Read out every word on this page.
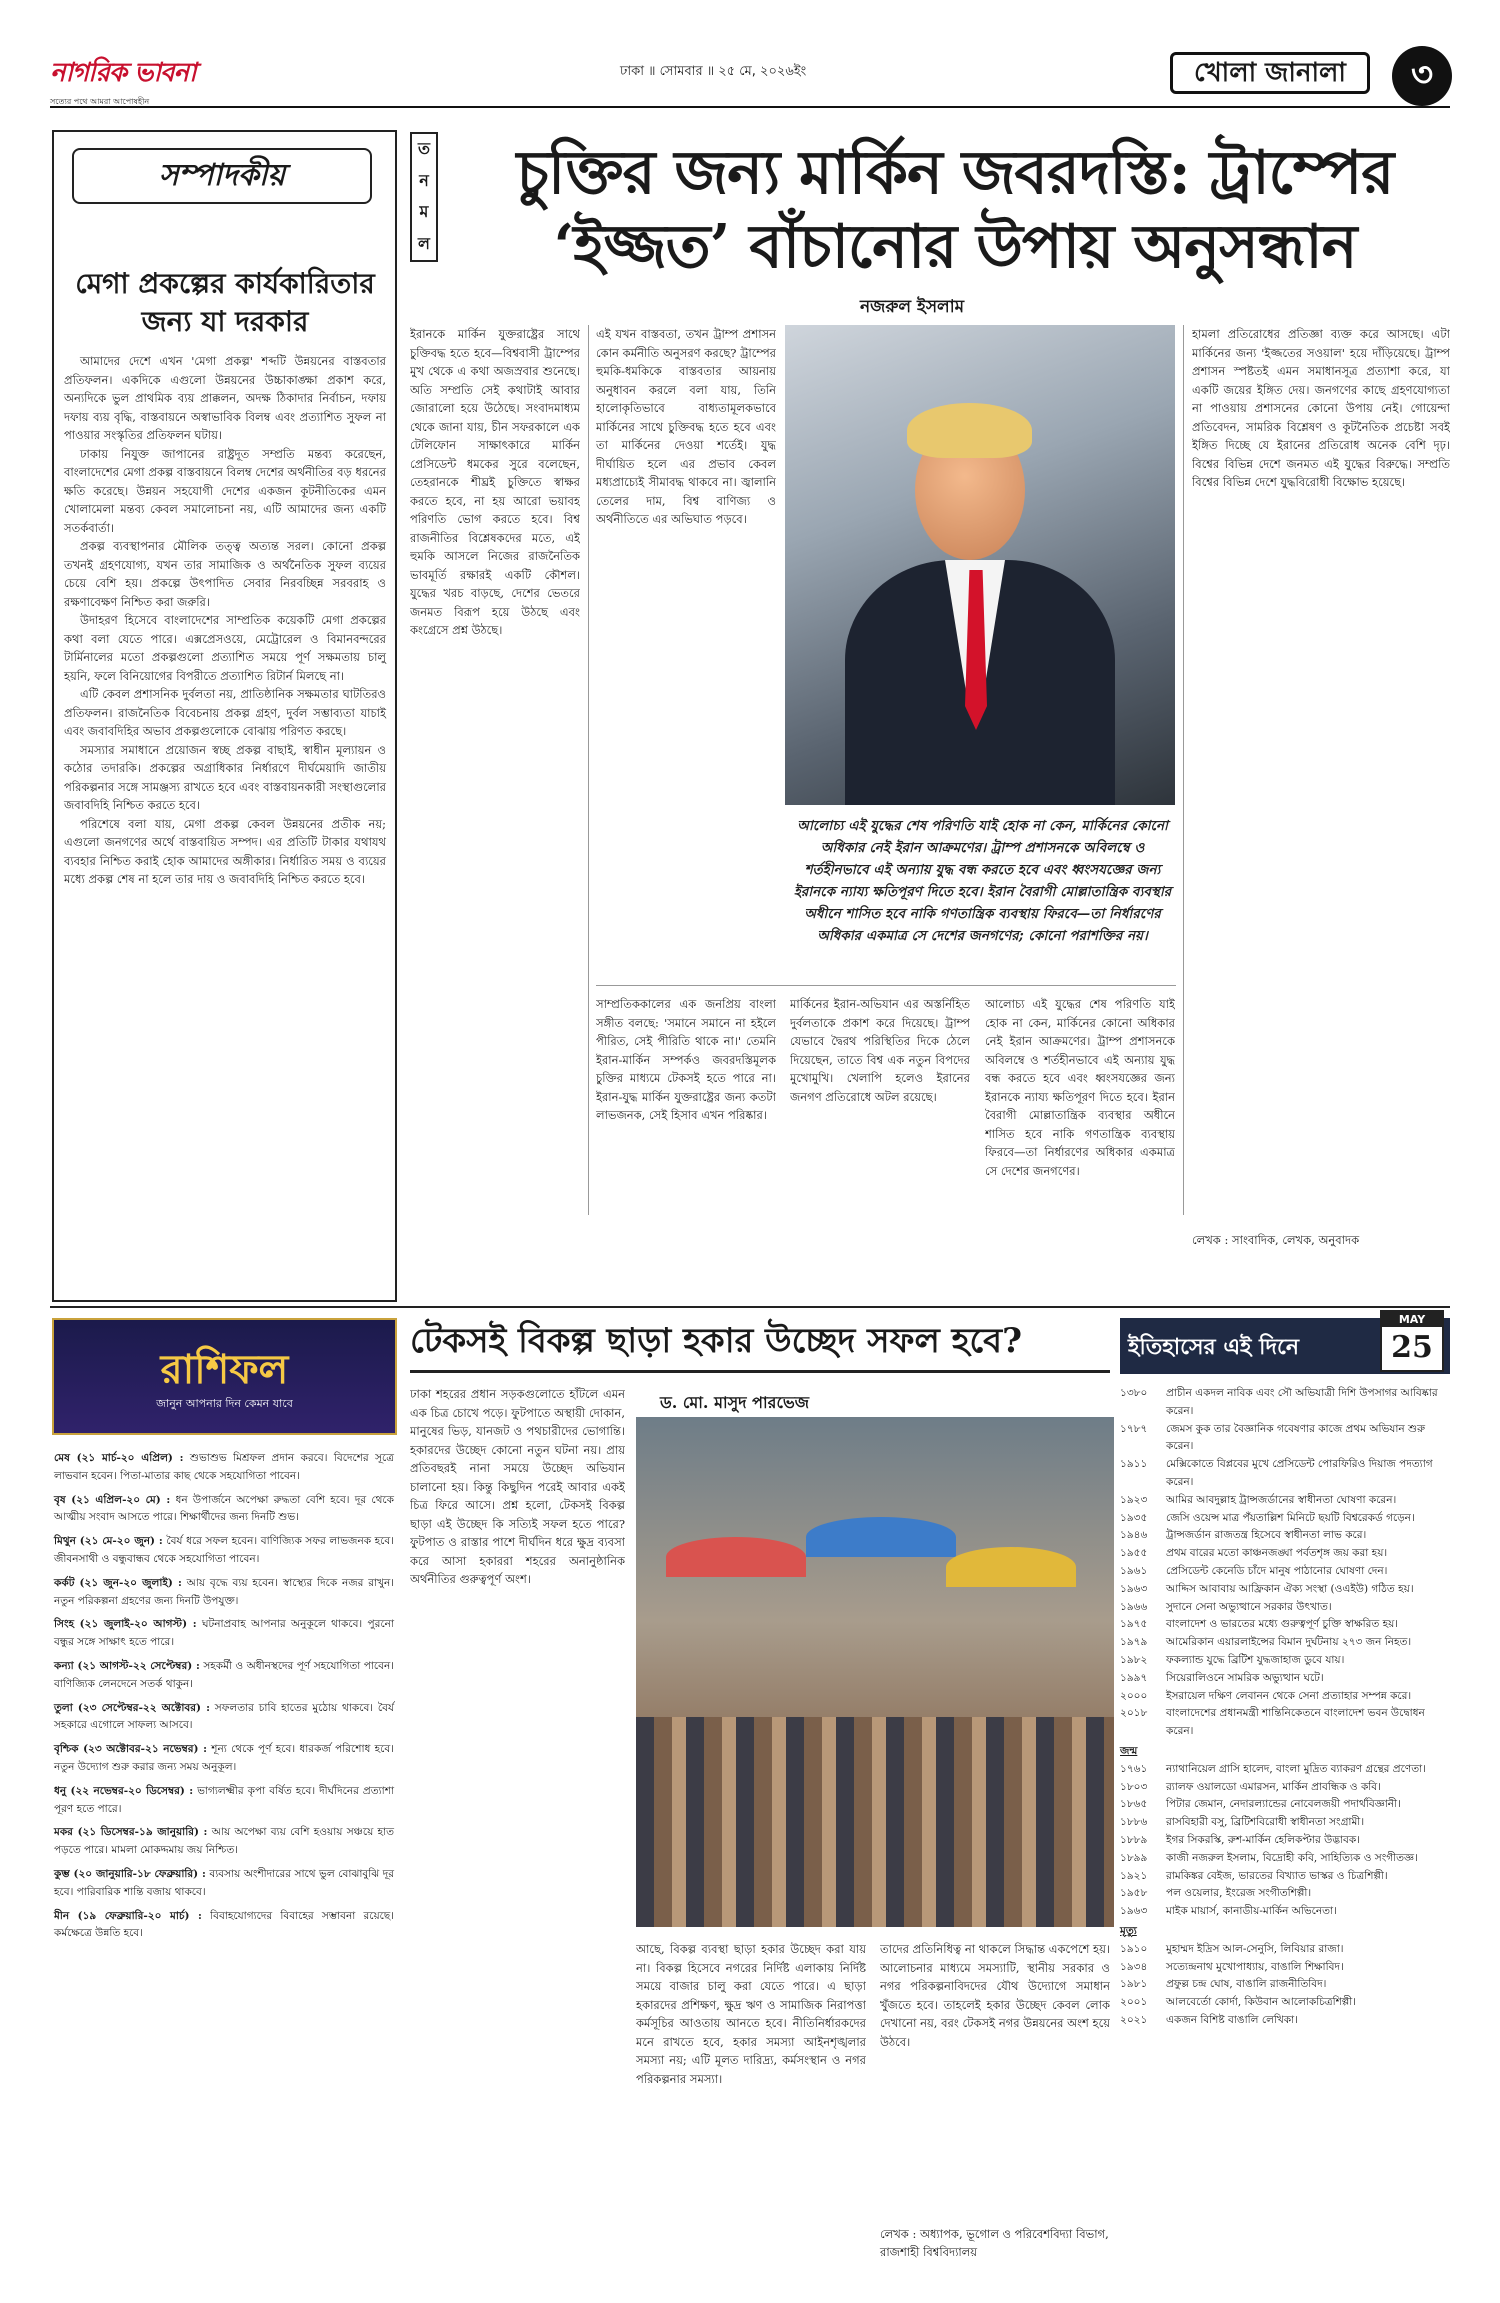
নাগরিক ভাবনা
সত্যের পথে আমরা আপোষহীন
ঢাকা ॥ সোমবার ॥ ২৫ মে, ২০২৬ইং	খোলা জানালা	৩
সম্পাদকীয়
মেগা প্রকল্পের কার্যকারিতার জন্য যা দরকার

আমাদের দেশে এখন 'মেগা প্রকল্প' শব্দটি উন্নয়নের বাস্তবতার প্রতিফলন। একদিকে এগুলো উন্নয়নের উচ্চাকাঙ্ক্ষা প্রকাশ করে, অন্যদিকে ভুল প্রাথমিক ব্যয় প্রাক্কলন, অদক্ষ ঠিকাদার নির্বাচন, দফায় দফায় ব্যয় বৃদ্ধি, বাস্তবায়নে অস্বাভাবিক বিলম্ব এবং প্রত্যাশিত সুফল না পাওয়ার সংস্কৃতির প্রতিফলন ঘটায়।

ঢাকায় নিযুক্ত জাপানের রাষ্ট্রদূত সম্প্রতি মন্তব্য করেছেন, বাংলাদেশের মেগা প্রকল্প বাস্তবায়নে বিলম্ব দেশের অর্থনীতির বড় ধরনের ক্ষতি করেছে। উন্নয়ন সহযোগী দেশের একজন কূটনীতিকের এমন খোলামেলা মন্তব্য কেবল সমালোচনা নয়, এটি আমাদের জন্য একটি সতর্কবার্তা।

প্রকল্প ব্যবস্থাপনার মৌলিক তত্ত্ব অত্যন্ত সরল। কোনো প্রকল্প তখনই গ্রহণযোগ্য, যখন তার সামাজিক ও অর্থনৈতিক সুফল ব্যয়ের চেয়ে বেশি হয়। প্রকল্পে উৎপাদিত সেবার নিরবচ্ছিন্ন সরবরাহ ও রক্ষণাবেক্ষণ নিশ্চিত করা জরুরি।

উদাহরণ হিসেবে বাংলাদেশের সাম্প্রতিক কয়েকটি মেগা প্রকল্পের কথা বলা যেতে পারে। এক্সপ্রেসওয়ে, মেট্রোরেল ও বিমানবন্দরের টার্মিনালের মতো প্রকল্পগুলো প্রত্যাশিত সময়ে পূর্ণ সক্ষমতায় চালু হয়নি, ফলে বিনিয়োগের বিপরীতে প্রত্যাশিত রিটার্ন মিলছে না।

এটি কেবল প্রশাসনিক দুর্বলতা নয়, প্রাতিষ্ঠানিক সক্ষমতার ঘাটতিরও প্রতিফলন। রাজনৈতিক বিবেচনায় প্রকল্প গ্রহণ, দুর্বল সম্ভাব্যতা যাচাই এবং জবাবদিহির অভাব প্রকল্পগুলোকে বোঝায় পরিণত করছে।

সমস্যার সমাধানে প্রয়োজন স্বচ্ছ প্রকল্প বাছাই, স্বাধীন মূল্যায়ন ও কঠোর তদারকি। প্রকল্পের অগ্রাধিকার নির্ধারণে দীর্ঘমেয়াদি জাতীয় পরিকল্পনার সঙ্গে সামঞ্জস্য রাখতে হবে এবং বাস্তবায়নকারী সংস্থাগুলোর জবাবদিহি নিশ্চিত করতে হবে।

পরিশেষে বলা যায়, মেগা প্রকল্প কেবল উন্নয়নের প্রতীক নয়; এগুলো জনগণের অর্থে বাস্তবায়িত সম্পদ। এর প্রতিটি টাকার যথাযথ ব্যবহার নিশ্চিত করাই হোক আমাদের অঙ্গীকার। নির্ধারিত সময় ও ব্যয়ের মধ্যে প্রকল্প শেষ না হলে তার দায় ও জবাবদিহি নিশ্চিত করতে হবে।

ত
ন
ম
ল
চুক্তির জন্য মার্কিন জবরদস্তি: ট্রাম্পের ‘ইজ্জত’ বাঁচানোর উপায় অনুসন্ধান
নজরুল ইসলাম

ইরানকে মার্কিন যুক্তরাষ্ট্রের সাথে চুক্তিবদ্ধ হতে হবে—বিশ্ববাসী ট্রাম্পের মুখ থেকে এ কথা অজস্রবার শুনেছে। অতি সম্প্রতি সেই কথাটাই আবার জোরালো হয়ে উঠেছে। সংবাদমাধ্যম থেকে জানা যায়, চীন সফরকালে এক টেলিফোন সাক্ষাৎকারে মার্কিন প্রেসিডেন্ট ধমকের সুরে বলেছেন, তেহরানকে শীঘ্রই চুক্তিতে স্বাক্ষর করতে হবে, না হয় আরো ভয়াবহ পরিণতি ভোগ করতে হবে। বিশ্ব রাজনীতির বিশ্লেষকদের মতে, এই হুমকি আসলে নিজের রাজনৈতিক ভাবমূর্তি রক্ষারই একটি কৌশল। যুদ্ধের খরচ বাড়ছে, দেশের ভেতরে জনমত বিরূপ হয়ে উঠছে এবং কংগ্রেসে প্রশ্ন উঠছে।

এই যখন বাস্তবতা, তখন ট্রাম্প প্রশাসন কোন কর্মনীতি অনুসরণ করছে? ট্রাম্পের হুমকি-ধমকিকে বাস্তবতার আয়নায় অনুধাবন করলে বলা যায়, তিনি হালোকৃতিভাবে বাধ্যতামূলকভাবে মার্কিনের সাথে চুক্তিবদ্ধ হতে হবে এবং তা মার্কিনের দেওয়া শর্তেই। যুদ্ধ দীর্ঘায়িত হলে এর প্রভাব কেবল মধ্যপ্রাচ্যেই সীমাবদ্ধ থাকবে না। জ্বালানি তেলের দাম, বিশ্ব বাণিজ্য ও অর্থনীতিতে এর অভিঘাত পড়বে।

আলোচ্য এই যুদ্ধের শেষ পরিণতি যাই হোক না কেন, মার্কিনের কোনো অধিকার নেই ইরান আক্রমণের। ট্রাম্প প্রশাসনকে অবিলম্বে ও শর্তহীনভাবে এই অন্যায় যুদ্ধ বন্ধ করতে হবে এবং ধ্বংসযজ্ঞের জন্য ইরানকে ন্যায্য ক্ষতিপূরণ দিতে হবে। ইরান বৈরাগী মোল্লাতান্ত্রিক ব্যবস্থার অধীনে শাসিত হবে নাকি গণতান্ত্রিক ব্যবস্থায় ফিরবে—তা নির্ধারণের অধিকার একমাত্র সে দেশের জনগণের; কোনো পরাশক্তির নয়।

হামলা প্রতিরোধের প্রতিজ্ঞা ব্যক্ত করে আসছে। এটা মার্কিনের জন্য 'ইজ্জতের সওয়াল' হয়ে দাঁড়িয়েছে। ট্রাম্প প্রশাসন স্পষ্টতই এমন সমাধানসূত্র প্রত্যাশা করে, যা একটি জয়ের ইঙ্গিত দেয়। জনগণের কাছে গ্রহণযোগ্যতা না পাওয়ায় প্রশাসনের কোনো উপায় নেই। গোয়েন্দা প্রতিবেদন, সামরিক বিশ্লেষণ ও কূটনৈতিক প্রচেষ্টা সবই ইঙ্গিত দিচ্ছে যে ইরানের প্রতিরোধ অনেক বেশি দৃঢ়। বিশ্বের বিভিন্ন দেশে জনমত এই যুদ্ধের বিরুদ্ধে। সম্প্রতি বিশ্বের বিভিন্ন দেশে যুদ্ধবিরোধী বিক্ষোভ হয়েছে।

সাম্প্রতিককালের এক জনপ্রিয় বাংলা সঙ্গীত বলছে: 'সমানে সমানে না হইলে পীরিত, সেই পীরিতি থাকে না।' তেমনি ইরান-মার্কিন সম্পর্কও জবরদস্তিমূলক চুক্তির মাধ্যমে টেকসই হতে পারে না। ইরান-যুদ্ধ মার্কিন যুক্তরাষ্ট্রের জন্য কতটা লাভজনক, সেই হিসাব এখন পরিষ্কার।

মার্কিনের ইরান-অভিযান এর অস্তর্নিহিত দুর্বলতাকে প্রকাশ করে দিয়েছে। ট্রাম্প যেভাবে দ্বৈরথ পরিস্থিতির দিকে ঠেলে দিয়েছেন, তাতে বিশ্ব এক নতুন বিপদের মুখোমুখি। খেলাপি হলেও ইরানের জনগণ প্রতিরোধে অটল রয়েছে।

আলোচ্য এই যুদ্ধের শেষ পরিণতি যাই হোক না কেন, মার্কিনের কোনো অধিকার নেই ইরান আক্রমণের। ট্রাম্প প্রশাসনকে অবিলম্বে ও শর্তহীনভাবে এই অন্যায় যুদ্ধ বন্ধ করতে হবে এবং ধ্বংসযজ্ঞের জন্য ইরানকে ন্যায্য ক্ষতিপূরণ দিতে হবে। ইরান বৈরাগী মোল্লাতান্ত্রিক ব্যবস্থার অধীনে শাসিত হবে নাকি গণতান্ত্রিক ব্যবস্থায় ফিরবে—তা নির্ধারণের অধিকার একমাত্র সে দেশের জনগণের।

লেখক : সাংবাদিক, লেখক, অনুবাদক
রাশিফল
জানুন আপনার দিন কেমন যাবে

মেষ (২১ মার্চ-২০ এপ্রিল) : শুভাশুভ মিশ্রফল প্রদান করবে। বিদেশের সূত্রে লাভবান হবেন। পিতা-মাতার কাছ থেকে সহযোগিতা পাবেন।

বৃষ (২১ এপ্রিল-২০ মে) : ধন উপার্জনে অপেক্ষা রুদ্ধতা বেশি হবে। দূর থেকে আত্মীয় সংবাদ আসতে পারে। শিক্ষার্থীদের জন্য দিনটি শুভ।

মিথুন (২১ মে-২০ জুন) : বৈর্য ধরে সফল হবেন। বাণিজ্যিক সফর লাভজনক হবে। জীবনসাথী ও বন্ধুবান্ধব থেকে সহযোগিতা পাবেন।

কর্কট (২১ জুন-২০ জুলাই) : আয় বৃদ্ধে ব্যয় হবেন। স্বাস্থ্যের দিকে নজর রাখুন। নতুন পরিকল্পনা গ্রহণের জন্য দিনটি উপযুক্ত।

সিংহ (২১ জুলাই-২০ আগস্ট) : ঘটনাপ্রবাহ আপনার অনুকূলে থাকবে। পুরনো বন্ধুর সঙ্গে সাক্ষাৎ হতে পারে।

কন্যা (২১ আগস্ট-২২ সেপ্টেম্বর) : সহকর্মী ও অধীনস্থদের পূর্ণ সহযোগিতা পাবেন। বাণিজ্যিক লেনদেনে সতর্ক থাকুন।

তুলা (২৩ সেপ্টেম্বর-২২ অক্টোবর) : সফলতার চাবি হাতের মুঠোয় থাকবে। বৈর্য সহকারে এগোলে সাফল্য আসবে।

বৃশ্চিক (২৩ অক্টোবর-২১ নভেম্বর) : শূন্য থেকে পূর্ণ হবে। ধারকর্জ পরিশোধ হবে। নতুন উদ্যোগ শুরু করার জন্য সময় অনুকূল।

ধনু (২২ নভেম্বর-২০ ডিসেম্বর) : ভাগ্যলক্ষ্মীর কৃপা বর্ষিত হবে। দীর্ঘদিনের প্রত্যাশা পূরণ হতে পারে।

মকর (২১ ডিসেম্বর-১৯ জানুয়ারি) : আয় অপেক্ষা ব্যয় বেশি হওয়ায় সঞ্চয়ে হাত পড়তে পারে। মামলা মোকদ্দমায় জয় নিশ্চিত।

কুম্ভ (২০ জানুয়ারি-১৮ ফেব্রুয়ারি) : ব্যবসায় অংশীদারের সাথে ভুল বোঝাবুঝি দূর হবে। পারিবারিক শান্তি বজায় থাকবে।

মীন (১৯ ফেব্রুয়ারি-২০ মার্চ) : বিবাহযোগ্যদের বিবাহের সম্ভাবনা রয়েছে। কর্মক্ষেত্রে উন্নতি হবে।

টেকসই বিকল্প ছাড়া হকার উচ্ছেদ সফল হবে?
ড. মো. মাসুদ পারভেজ

ঢাকা শহরের প্রধান সড়কগুলোতে হাঁটলে এমন এক চিত্র চোখে পড়ে। ফুটপাতে অস্থায়ী দোকান, মানুষের ভিড়, যানজট ও পথচারীদের ভোগান্তি। হকারদের উচ্ছেদ কোনো নতুন ঘটনা নয়। প্রায় প্রতিবছরই নানা সময়ে উচ্ছেদ অভিযান চালানো হয়। কিন্তু কিছুদিন পরেই আবার একই চিত্র ফিরে আসে। প্রশ্ন হলো, টেকসই বিকল্প ছাড়া এই উচ্ছেদ কি সত্যিই সফল হতে পারে? ফুটপাত ও রাস্তার পাশে দীর্ঘদিন ধরে ক্ষুদ্র ব্যবসা করে আসা হকাররা শহরের অনানুষ্ঠানিক অর্থনীতির গুরুত্বপূর্ণ অংশ।

আছে, বিকল্প ব্যবস্থা ছাড়া হকার উচ্ছেদ করা যায় না। বিকল্প হিসেবে নগরের নির্দিষ্ট এলাকায় নির্দিষ্ট সময়ে বাজার চালু করা যেতে পারে। এ ছাড়া হকারদের প্রশিক্ষণ, ক্ষুদ্র ঋণ ও সামাজিক নিরাপত্তা কর্মসূচির আওতায় আনতে হবে। নীতিনির্ধারকদের মনে রাখতে হবে, হকার সমস্যা আইনশৃঙ্খলার সমস্যা নয়; এটি মূলত দারিদ্র্য, কর্মসংস্থান ও নগর পরিকল্পনার সমস্যা।

তাদের প্রতিনিধিত্ব না থাকলে সিদ্ধান্ত একপেশে হয়। আলোচনার মাধ্যমে সমস্যাটি, স্থানীয় সরকার ও নগর পরিকল্পনাবিদদের যৌথ উদ্যোগে সমাধান খুঁজতে হবে। তাহলেই হকার উচ্ছেদ কেবল লোক দেখানো নয়, বরং টেকসই নগর উন্নয়নের অংশ হয়ে উঠবে।

লেখক : অধ্যাপক, ভূগোল ও পরিবেশবিদ্যা বিভাগ, রাজশাহী বিশ্ববিদ্যালয়

ইতিহাসের এই দিনে
MAY
25
১৩৮০	প্রাচীন একদল নাবিক এবং সৌ অভিযাত্রী দিশি উপসাগর আবিষ্কার করেন।
১৭৮৭	জেমস কুক তার বৈজ্ঞানিক গবেষণার কাজে প্রথম অভিযান শুরু করেন।
১৯১১	মেক্সিকোতে বিপ্লবের মুখে প্রেসিডেন্ট পোরফিরিও দিয়াজ পদত্যাগ করেন।
১৯২৩	আমির আবদুল্লাহ ট্রান্সজর্ডানের স্বাধীনতা ঘোষণা করেন।
১৯৩৫	জেসি ওয়েন্স মাত্র পঁয়তাল্লিশ মিনিটে ছয়টি বিশ্বরেকর্ড গড়েন।
১৯৪৬	ট্রান্সজর্ডান রাজতন্ত্র হিসেবে স্বাধীনতা লাভ করে।
১৯৫৫	প্রথম বারের মতো কাঞ্চনজঙ্ঘা পর্বতশৃঙ্গ জয় করা হয়।
১৯৬১	প্রেসিডেন্ট কেনেডি চাঁদে মানুষ পাঠানোর ঘোষণা দেন।
১৯৬৩	আদ্দিস আবাবায় আফ্রিকান ঐক্য সংস্থা (ওএইউ) গঠিত হয়।
১৯৬৬	সুদানে সেনা অভ্যুত্থানে সরকার উৎখাত।
১৯৭৫	বাংলাদেশ ও ভারতের মধ্যে গুরুত্বপূর্ণ চুক্তি স্বাক্ষরিত হয়।
১৯৭৯	আমেরিকান এয়ারলাইন্সের বিমান দুর্ঘটনায় ২৭৩ জন নিহত।
১৯৮২	ফকল্যান্ড যুদ্ধে ব্রিটিশ যুদ্ধজাহাজ ডুবে যায়।
১৯৯৭	সিয়েরালিওনে সামরিক অভ্যুত্থান ঘটে।
২০০০	ইসরায়েল দক্ষিণ লেবানন থেকে সেনা প্রত্যাহার সম্পন্ন করে।
২০১৮	বাংলাদেশের প্রধানমন্ত্রী শান্তিনিকেতনে বাংলাদেশ ভবন উদ্বোধন করেন।
জন্ম
১৭৬১	ন্যাথানিয়েল গ্রাসি হালেদ, বাংলা মুদ্রিত ব্যাকরণ গ্রন্থের প্রণেতা।
১৮০৩	র‍্যালফ ওয়ালডো এমারসন, মার্কিন প্রাবন্ধিক ও কবি।
১৮৬৫	পিটার জেমান, নেদারল্যান্ডের নোবেলজয়ী পদার্থবিজ্ঞানী।
১৮৮৬	রাসবিহারী বসু, ব্রিটিশবিরোধী স্বাধীনতা সংগ্রামী।
১৮৮৯	ইগর সিকরস্কি, রুশ-মার্কিন হেলিকপ্টার উদ্ভাবক।
১৮৯৯	কাজী নজরুল ইসলাম, বিদ্রোহী কবি, সাহিত্যিক ও সংগীতজ্ঞ।
১৯২১	রামকিঙ্কর বেইজ, ভারতের বিখ্যাত ভাস্কর ও চিত্রশিল্পী।
১৯৫৮	পল ওয়েলার, ইংরেজ সংগীতশিল্পী।
১৯৬৩	মাইক মায়ার্স, কানাডীয়-মার্কিন অভিনেতা।
মৃত্যু
১৯১০	মুহাম্মদ ইদ্রিস আল-সেনুসি, লিবিয়ার রাজা।
১৯৩৪	সত্যেন্দ্রনাথ মুখোপাধ্যায়, বাঙালি শিক্ষাবিদ।
১৯৮১	প্রফুল্ল চন্দ্র ঘোষ, বাঙালি রাজনীতিবিদ।
২০০১	আলবের্তো কোর্দা, কিউবান আলোকচিত্রশিল্পী।
২০২১	একজন বিশিষ্ট বাঙালি লেখিকা।
